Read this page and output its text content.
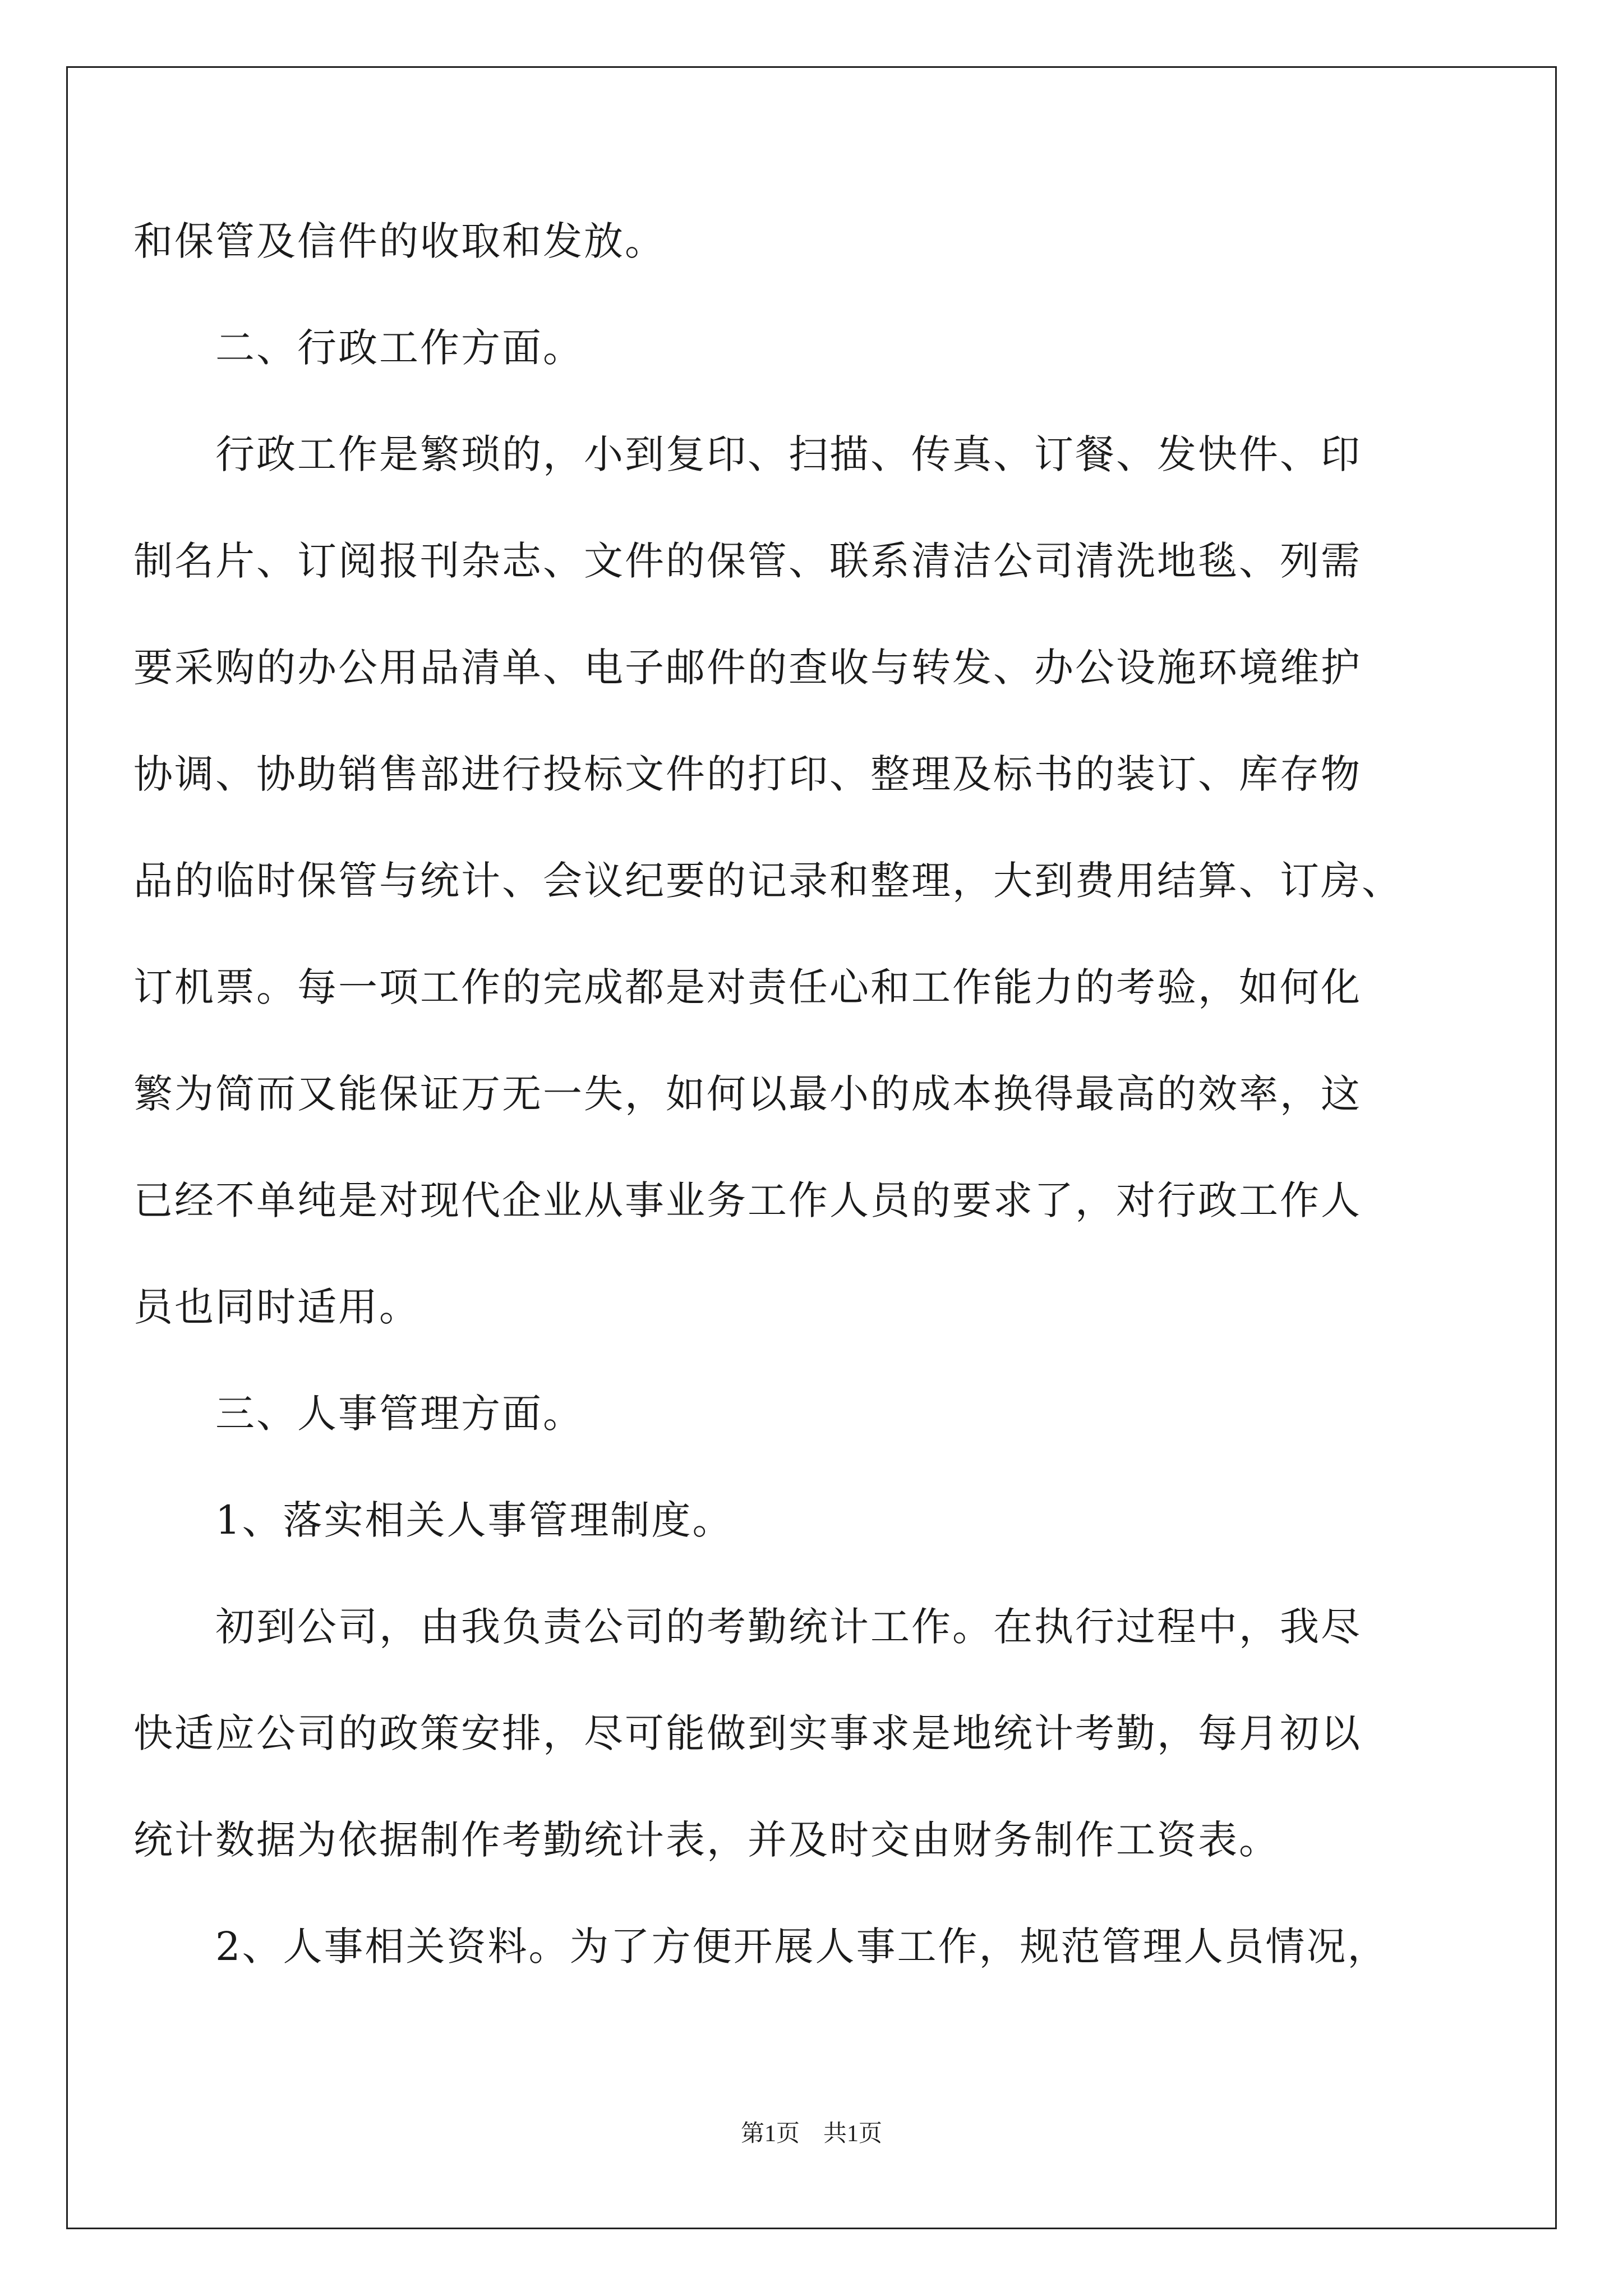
和保管及信件的收取和发放。
　　二、行政工作方面。
　　行政工作是繁琐的，小到复印、扫描、传真、订餐、发快件、印
制名片、订阅报刊杂志、文件的保管、联系清洁公司清洗地毯、列需
要采购的办公用品清单、电子邮件的查收与转发、办公设施环境维护
协调、协助销售部进行投标文件的打印、整理及标书的装订、库存物
品的临时保管与统计、会议纪要的记录和整理，大到费用结算、订房、
订机票。每一项工作的完成都是对责任心和工作能力的考验，如何化
繁为简而又能保证万无一失，如何以最小的成本换得最高的效率，这
已经不单纯是对现代企业从事业务工作人员的要求了，对行政工作人
员也同时适用。
　　三、人事管理方面。
　　1、落实相关人事管理制度。
　　初到公司，由我负责公司的考勤统计工作。在执行过程中，我尽
快适应公司的政策安排，尽可能做到实事求是地统计考勤，每月初以
统计数据为依据制作考勤统计表，并及时交由财务制作工资表。
　　2、人事相关资料。为了方便开展人事工作，规范管理人员情况，
第1页　共1页
